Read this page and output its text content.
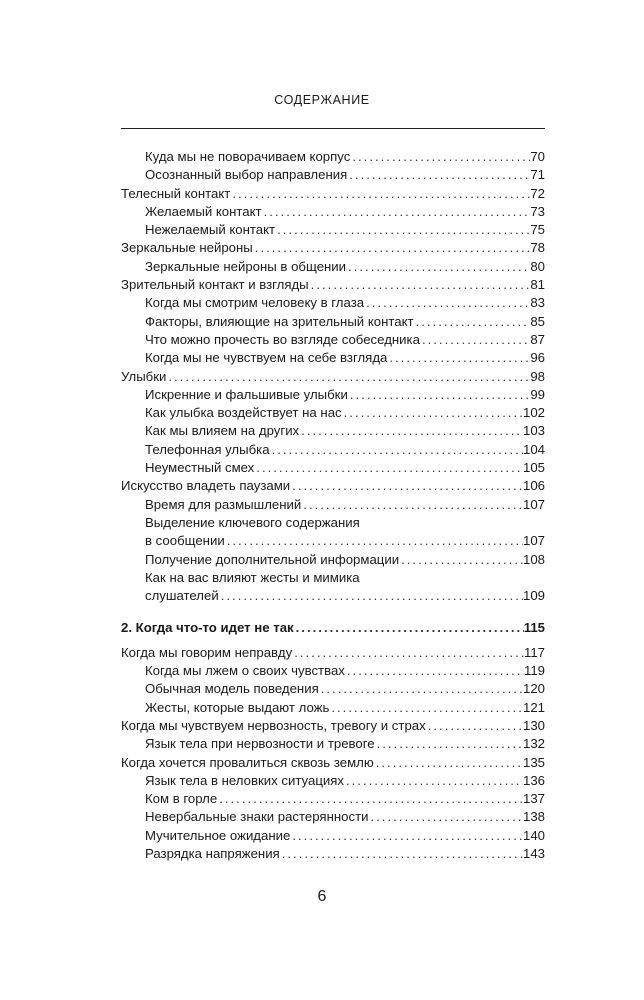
СОДЕРЖАНИЕ
Куда мы не поворачиваем корпус .....	70
Осознанный выбор направления .....	71
Телесный контакт .....	72
Желаемый контакт .....	73
Нежелаемый контакт .....	75
Зеркальные нейроны .....	78
Зеркальные нейроны в общении .....	80
Зрительный контакт и взгляды .....	81
Когда мы смотрим человеку в глаза .....	83
Факторы, влияющие на зрительный контакт .....	85
Что можно прочесть во взгляде собеседника .....	87
Когда мы не чувствуем на себе взгляда .....	96
Улыбки .....	98
Искренние и фальшивые улыбки .....	99
Как улыбка воздействует на нас .....	102
Как мы влияем на других .....	103
Телефонная улыбка .....	104
Неуместный смех .....	105
Искусство владеть паузами .....	106
Время для размышлений .....	107
Выделение ключевого содержания
в сообщении .....	107
Получение дополнительной информации .....	108
Как на вас влияют жесты и мимика
слушателей .....	109
2. Когда что-то идет не так .....	115
Когда мы говорим неправду .....	117
Когда мы лжем о своих чувствах .....	119
Обычная модель поведения .....	120
Жесты, которые выдают ложь .....	121
Когда мы чувствуем нервозность, тревогу и страх .....	130
Язык тела при нервозности и тревоге .....	132
Когда хочется провалиться сквозь землю .....	135
Язык тела в неловких ситуациях .....	136
Ком в горле .....	137
Невербальные знаки растерянности .....	138
Мучительное ожидание .....	140
Разрядка напряжения .....	143
6
